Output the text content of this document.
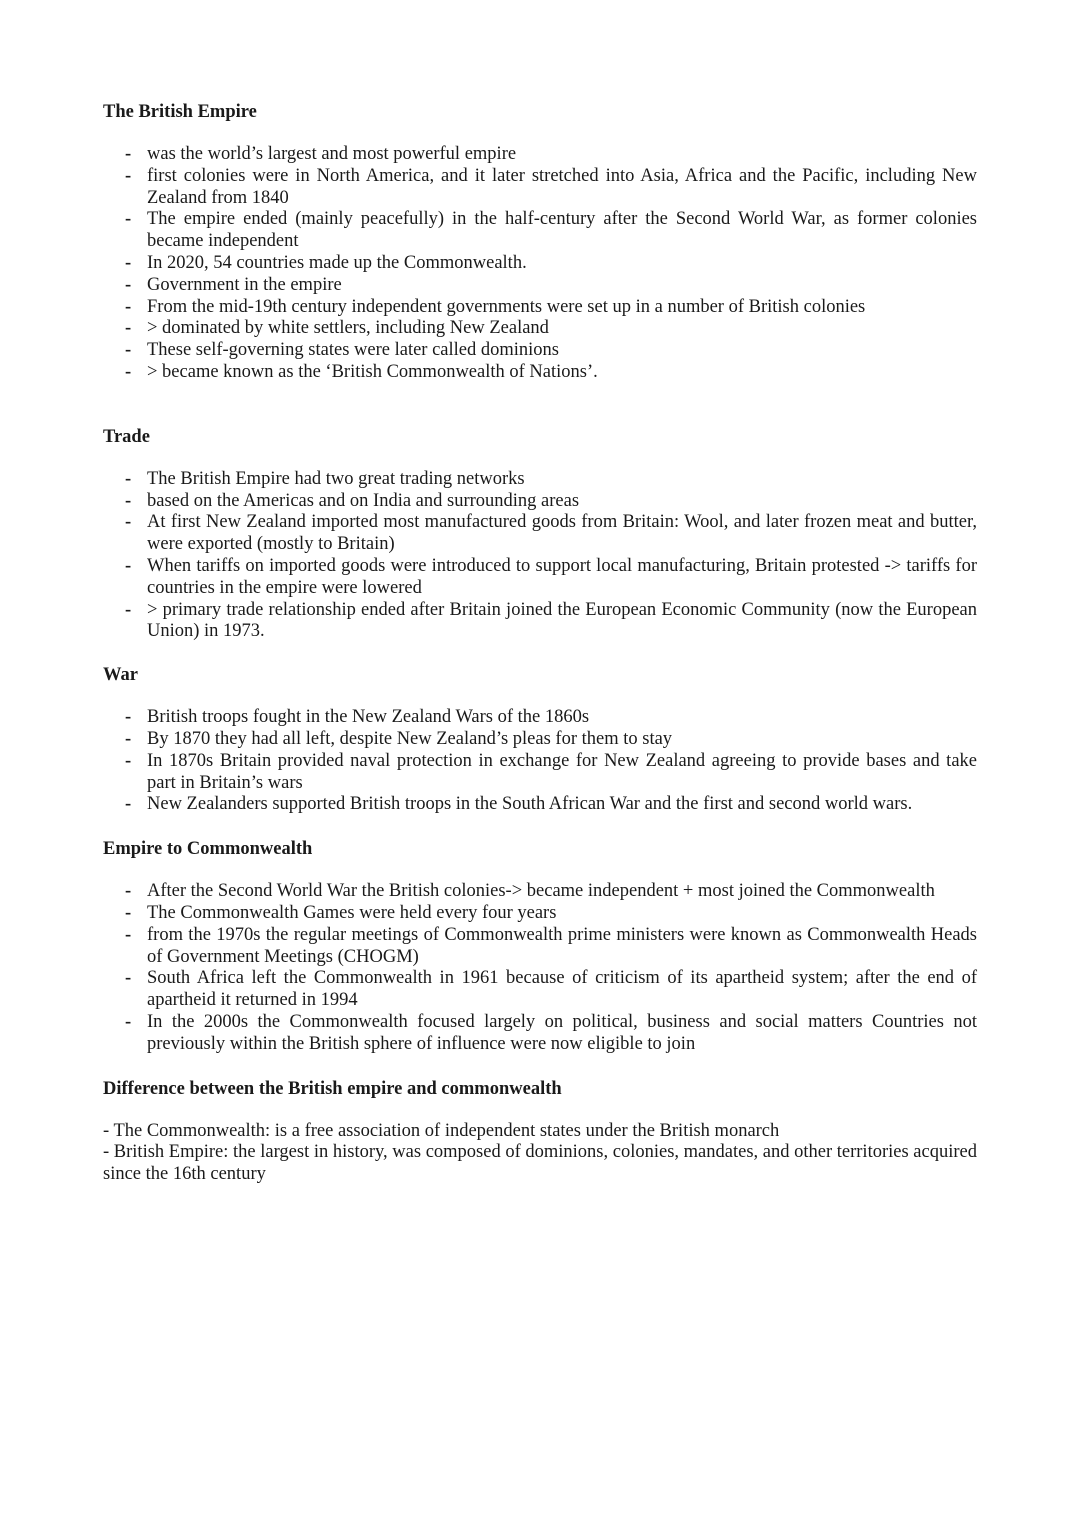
The British Empire
- was the world’s largest and most powerful empire
- first colonies were in North America, and it later stretched into Asia, Africa and the Pacific, including New Zealand from 1840
- The empire ended (mainly peacefully) in the half-century after the Second World War, as former colonies became independent
- In 2020, 54 countries made up the Commonwealth.
- Government in the empire
- From the mid-19th century independent governments were set up in a number of British colonies
- > dominated by white settlers, including New Zealand
- These self-governing states were later called dominions
- > became known as the ‘British Commonwealth of Nations’.
Trade
- The British Empire had two great trading networks
- based on the Americas and on India and surrounding areas
- At first New Zealand imported most manufactured goods from Britain: Wool, and later frozen meat and butter, were exported (mostly to Britain)
- When tariffs on imported goods were introduced to support local manufacturing, Britain protested -> tariffs for countries in the empire were lowered
- > primary trade relationship ended after Britain joined the European Economic Community (now the European Union) in 1973.
War
- British troops fought in the New Zealand Wars of the 1860s
- By 1870 they had all left, despite New Zealand’s pleas for them to stay
- In 1870s Britain provided naval protection in exchange for New Zealand agreeing to provide bases and take part in Britain’s wars
- New Zealanders supported British troops in the South African War and the first and second world wars.
Empire to Commonwealth
- After the Second World War the British colonies-> became independent + most joined the Commonwealth
- The Commonwealth Games were held every four years
- from the 1970s the regular meetings of Commonwealth prime ministers were known as Commonwealth Heads of Government Meetings (CHOGM)
- South Africa left the Commonwealth in 1961 because of criticism of its apartheid system; after the end of apartheid it returned in 1994
- In the 2000s the Commonwealth focused largely on political, business and social matters Countries not previously within the British sphere of influence were now eligible to join
Difference between the British empire and commonwealth

- The Commonwealth: is a free association of independent states under the British monarch

- British Empire: the largest in history, was composed of dominions, colonies, mandates, and other territories acquired since the 16th century
